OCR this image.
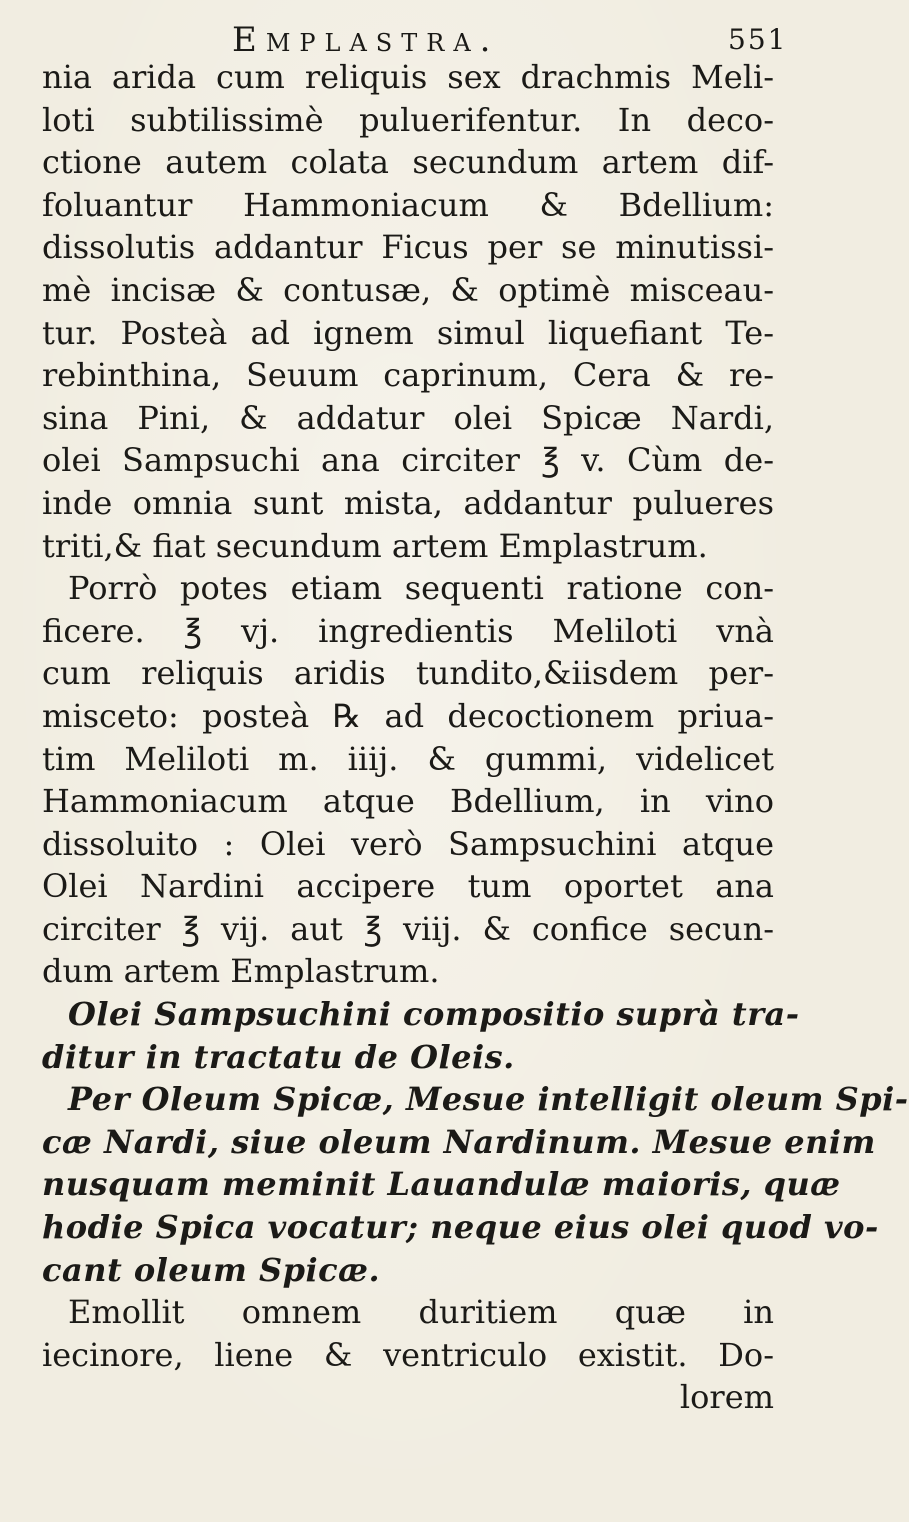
Emplastra.	551
nia arida cum reliquis sex drachmis Meli-
loti subtilissimè puluerifentur. In deco-
ctione autem colata secundum artem dif-
foluantur Hammoniacum & Bdellium:
dissolutis addantur Ficus per se minutissi-
mè incisæ & contusæ, & optimè misceau-
tur. Posteà ad ignem simul liquefiant Te-
rebinthina, Seuum caprinum, Cera & re-
sina Pini, & addatur olei Spicæ Nardi,
olei Sampsuchi ana circiter ℥ v. Cùm de-
inde omnia sunt mista, addantur pulueres
triti,& fiat secundum artem Emplastrum.
Porrò potes etiam sequenti ratione con-
ficere. ℥ vj. ingredientis Meliloti vnà
cum reliquis aridis tundito,&iisdem per-
misceto: posteà ℞ ad decoctionem priua-
tim Meliloti m. iiij. & gummi, videlicet
Hammoniacum atque Bdellium, in vino
dissoluito : Olei verò Sampsuchini atque
Olei Nardini accipere tum oportet ana
circiter ℥ vij. aut ℥ viij. & confice secun-
dum artem Emplastrum.
Olei Sampsuchini compositio suprà tra-
ditur in tractatu de Oleis.
Per Oleum Spicæ, Mesue intelligit oleum Spi-
cæ Nardi, siue oleum Nardinum. Mesue enim
nusquam meminit Lauandulæ maioris, quæ
hodie Spica vocatur; neque eius olei quod vo-
cant oleum Spicæ.
Emollit omnem duritiem quæ in
iecinore, liene & ventriculo existit. Do-
lorem
